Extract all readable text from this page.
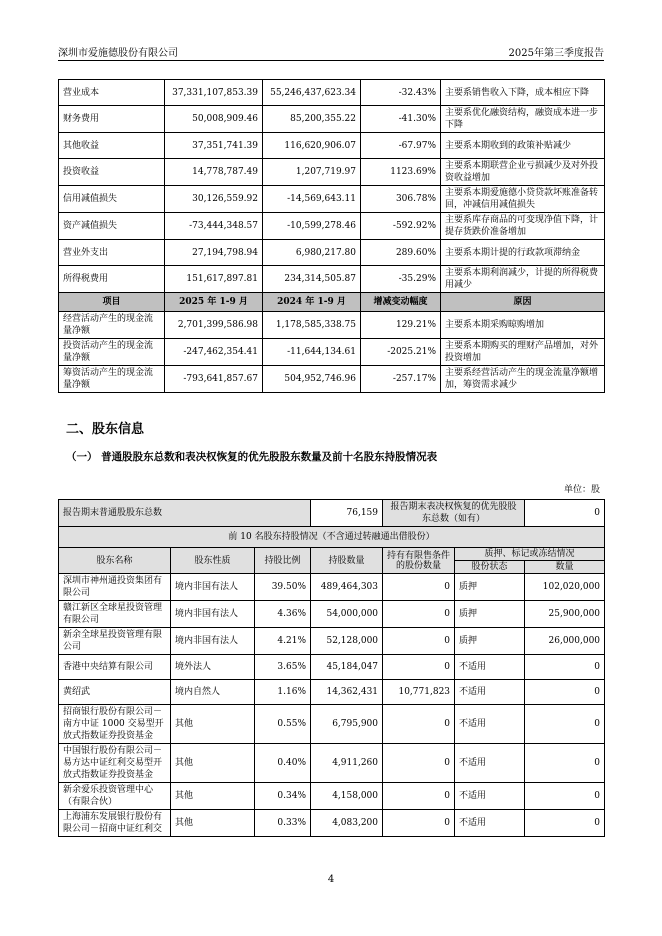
深圳市爱施德股份有限公司	2025年第三季度报告
营业成本	37,331,107,853.39	55,246,437,623.34	-32.43%	主要系销售收入下降，成本相应下降
财务费用	50,008,909.46	85,200,355.22	-41.30%	主要系优化融资结构，融资成本进一步下降
其他收益	37,351,741.39	116,620,906.07	-67.97%	主要系本期收到的政策补贴减少
投资收益	14,778,787.49	1,207,719.97	1123.69%	主要系本期联营企业亏损减少及对外投资收益增加
信用减值损失	30,126,559.92	-14,569,643.11	306.78%	主要系本期爱施德小贷贷款坏账准备转回，冲减信用减值损失
资产减值损失	-73,444,348.57	-10,599,278.46	-592.92%	主要系库存商品的可变现净值下降，计提存货跌价准备增加
营业外支出	27,194,798.94	6,980,217.80	289.60%	主要系本期计提的行政款项滞纳金
所得税费用	151,617,897.81	234,314,505.87	-35.29%	主要系本期利润减少，计提的所得税费用减少
项目	2025 年 1-9 月	2024 年 1-9 月	增减变动幅度	原因
经营活动产生的现金流量净额	2,701,399,586.98	1,178,585,338.75	129.21%	主要系本期采购晾购增加
投资活动产生的现金流量净额	-247,462,354.41	-11,644,134.61	-2025.21%	主要系本期购买的理财产品增加，对外投资增加
筹资活动产生的现金流量净额	-793,641,857.67	504,952,746.96	-257.17%	主要系经营活动产生的现金流量净额增加，筹资需求减少
二、股东信息
（一） 普通股股东总数和表决权恢复的优先股股东数量及前十名股东持股情况表
单位：股
报告期末普通股股东总数			76,159	报告期末表决权恢复的优先股股东总数（如有）		0
前 10 名股东持股情况（不含通过转融通出借股份）						
股东名称	股东性质	持股比例	持股数量	持有有限售条件的股份数量	质押、标记或冻结情况	
					股份状态	数量
深圳市神州通投资集团有限公司	境内非国有法人	39.50%	489,464,303	0	质押	102,020,000
赣江新区全球星投资管理有限公司	境内非国有法人	4.36%	54,000,000	0	质押	25,900,000
新余全球星投资管理有限公司	境内非国有法人	4.21%	52,128,000	0	质押	26,000,000
香港中央结算有限公司	境外法人	3.65%	45,184,047	0	不适用	0
黄绍武	境内自然人	1.16%	14,362,431	10,771,823	不适用	0
招商银行股份有限公司－南方中证 1000 交易型开放式指数证券投资基金	其他	0.55%	6,795,900	0	不适用	0
中国银行股份有限公司－易方达中证红利交易型开放式指数证券投资基金	其他	0.40%	4,911,260	0	不适用	0
新余爱乐投资管理中心（有限合伙）	其他	0.34%	4,158,000	0	不适用	0
上海浦东发展银行股份有限公司－招商中证红利交	其他	0.33%	4,083,200	0	不适用	0
4
